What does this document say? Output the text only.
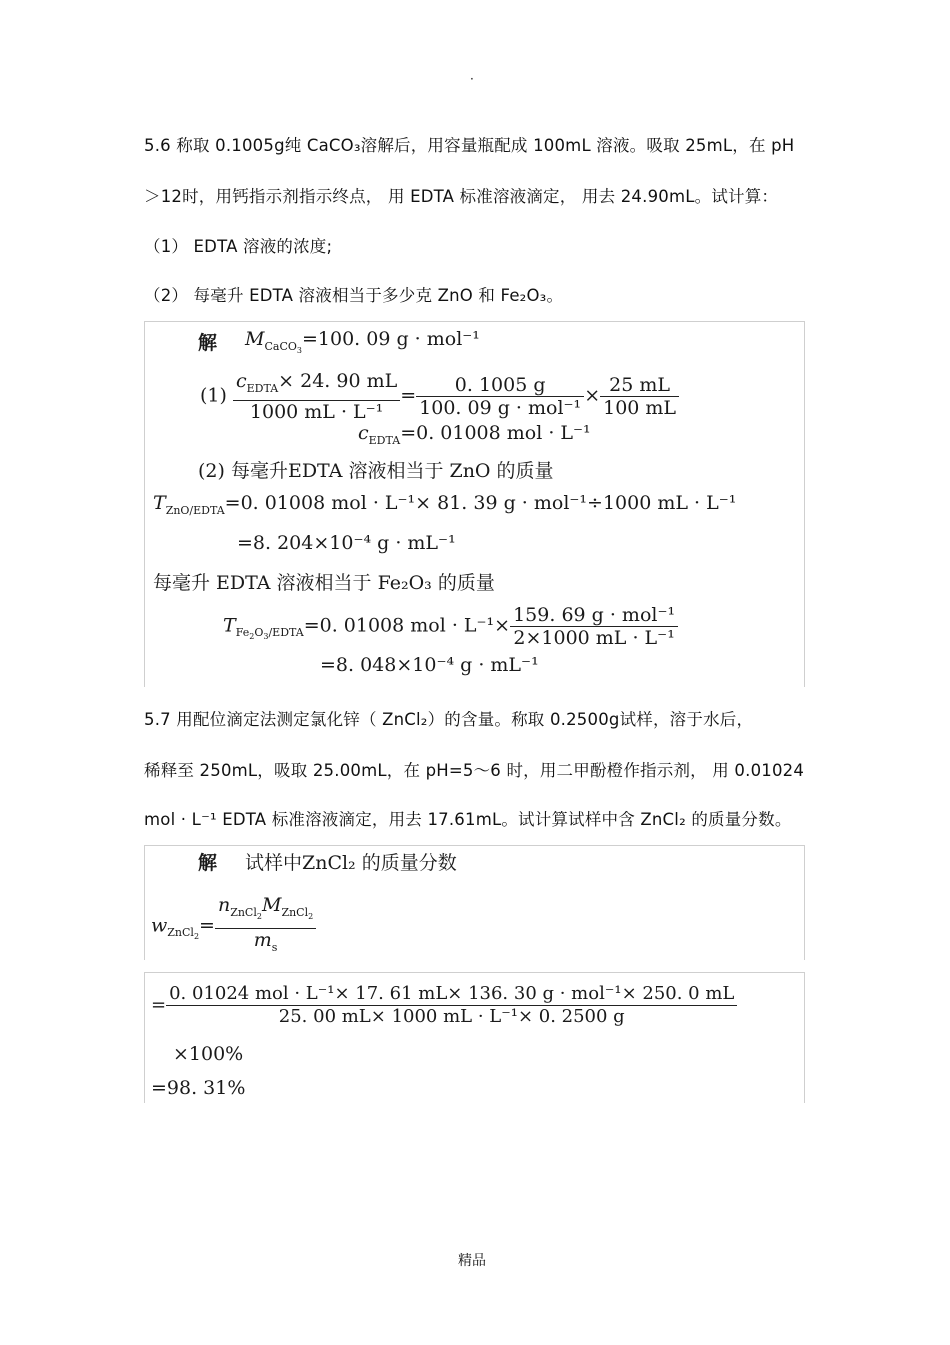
·
5.6 称取 0.1005g纯 CaCO₃溶解后，用容量瓶配成 100mL 溶液。吸取 25mL，在 pH
＞12时，用钙指示剂指示终点， 用 EDTA 标准溶液滴定， 用去 24.90mL。试计算：
（1） EDTA 溶液的浓度;
（2） 每毫升 EDTA 溶液相当于多少克 ZnO 和 Fe₂O₃。
解 $M_{CaCO_3}=100$. 09 g · mol⁻¹
$(1) \frac{c_{EDTA}\times 24. 90 mL}{\text{1000 mL · L⁻¹}} = \frac{0. 1005 g}{\text{100. 09 g · mol⁻¹}} \times \frac{25 mL}{100 mL}$
$c_{EDTA}=0$. 01008 mol · L⁻¹
(2) 每毫升EDTA 溶液相当于 ZnO 的质量
$T_{ZnO/EDTA}=0$. 01008 mol · L⁻¹× 81. 39 g · mol⁻¹÷1000 mL · L⁻¹
=8. 204×10⁻⁴ g · mL⁻¹
每毫升 EDTA 溶液相当于 Fe₂O₃ 的质量
$T_{Fe_2O_3/EDTA}=0$. 01008 mol · $L^{-1}\times \frac{\text{159. 69 g · mol⁻¹}}{\text{2×1000 mL · L⁻¹}}$
=8. 048×10⁻⁴ g · mL⁻¹
5.7 用配位滴定法测定氯化锌（ ZnCl₂）的含量。称取 0.2500g试样，溶于水后，
稀释至 250mL，吸取 25.00mL，在 pH=5～6 时，用二甲酚橙作指示剂， 用 0.01024
mol · L⁻¹ EDTA 标准溶液滴定，用去 17.61mL。试计算试样中含 ZnCl₂ 的质量分数。
解 试样中ZnCl₂ 的质量分数
$w_{ZnCl_2}= \frac{n_{ZnCl_2}M_{ZnCl_2}}{m_s}$
= $\frac{\text{0. 01024 mol · L⁻¹× 17. 61 mL× 136. 30 g · mol⁻¹× 250. 0 mL}}{\text{25. 00 mL× 1000 mL · L⁻¹× 0. 2500 g}}$
×100%
=98. 31%
精品
